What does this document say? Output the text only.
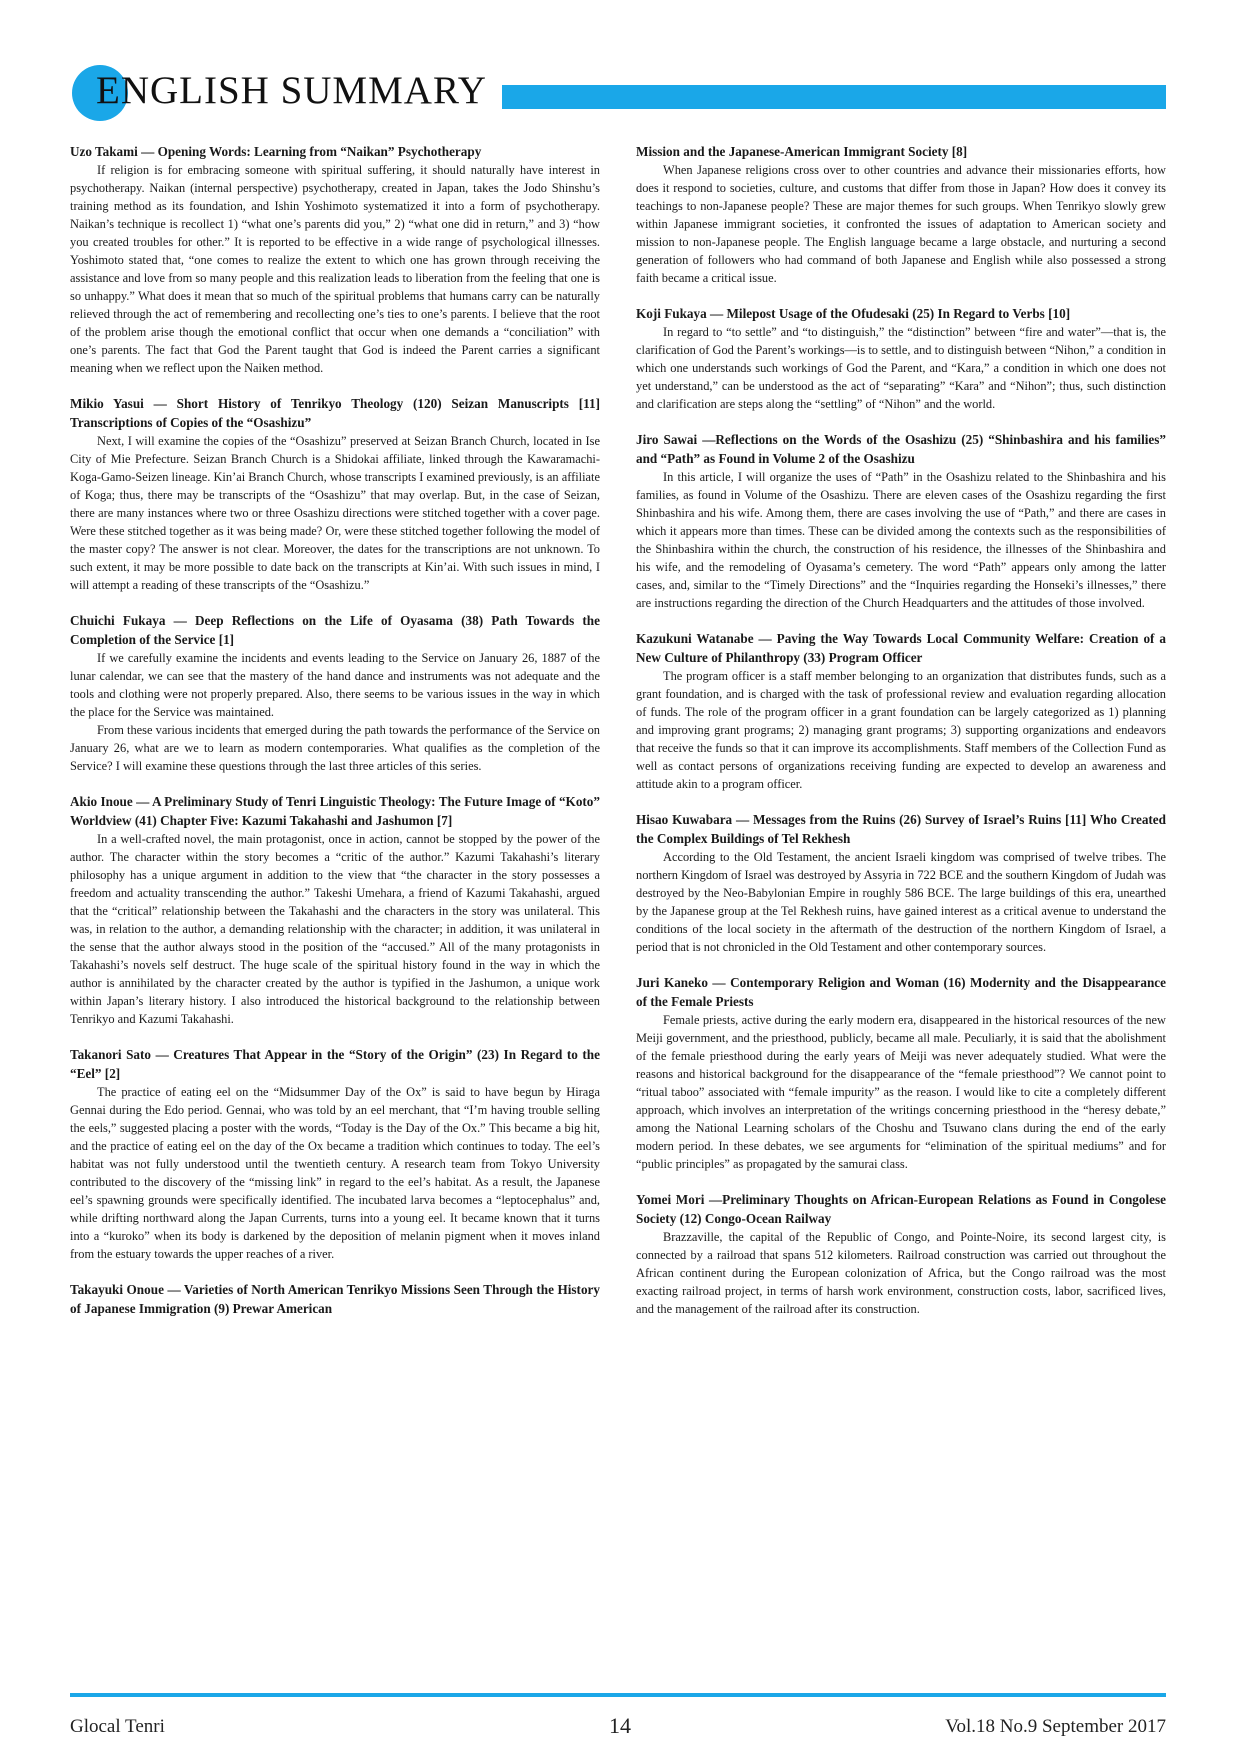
ENGLISH SUMMARY
Uzo Takami — Opening Words: Learning from “Naikan” Psychotherapy

If religion is for embracing someone with spiritual suffering, it should naturally have interest in psychotherapy. Naikan (internal perspective) psychotherapy, created in Japan, takes the Jodo Shinshu’s training method as its foundation, and Ishin Yoshimoto systematized it into a form of psychotherapy. Naikan’s technique is recollect 1) “what one’s parents did you,” 2) “what one did in return,” and 3) “how you created troubles for other.” It is reported to be effective in a wide range of psychological illnesses. Yoshimoto stated that, “one comes to realize the extent to which one has grown through receiving the assistance and love from so many people and this realization leads to liberation from the feeling that one is so unhappy.” What does it mean that so much of the spiritual problems that humans carry can be naturally relieved through the act of remembering and recollecting one’s ties to one’s parents. I believe that the root of the problem arise though the emotional conflict that occur when one demands a “conciliation” with one’s parents. The fact that God the Parent taught that God is indeed the Parent carries a significant meaning when we reflect upon the Naiken method.

Mikio Yasui — Short History of Tenrikyo Theology (120) Seizan Manuscripts [11] Transcriptions of Copies of the “Osashizu”

Next, I will examine the copies of the “Osashizu” preserved at Seizan Branch Church, located in Ise City of Mie Prefecture. Seizan Branch Church is a Shidokai affiliate, linked through the Kawaramachi-Koga-Gamo-Seizen lineage. Kin’ai Branch Church, whose transcripts I examined previously, is an affiliate of Koga; thus, there may be transcripts of the “Osashizu” that may overlap. But, in the case of Seizan, there are many instances where two or three Osashizu directions were stitched together with a cover page. Were these stitched together as it was being made? Or, were these stitched together following the model of the master copy? The answer is not clear. Moreover, the dates for the transcriptions are not unknown. To such extent, it may be more possible to date back on the transcripts at Kin’ai. With such issues in mind, I will attempt a reading of these transcripts of the “Osashizu.”

Chuichi Fukaya — Deep Reflections on the Life of Oyasama (38) Path Towards the Completion of the Service [1]

If we carefully examine the incidents and events leading to the Service on January 26, 1887 of the lunar calendar, we can see that the mastery of the hand dance and instruments was not adequate and the tools and clothing were not properly prepared. Also, there seems to be various issues in the way in which the place for the Service was maintained.

From these various incidents that emerged during the path towards the performance of the Service on January 26, what are we to learn as modern contemporaries. What qualifies as the completion of the Service? I will examine these questions through the last three articles of this series.

Akio Inoue — A Preliminary Study of Tenri Linguistic Theology: The Future Image of “Koto” Worldview (41) Chapter Five: Kazumi Takahashi and Jashumon [7]

In a well-crafted novel, the main protagonist, once in action, cannot be stopped by the power of the author. The character within the story becomes a “critic of the author.” Kazumi Takahashi’s literary philosophy has a unique argument in addition to the view that “the character in the story possesses a freedom and actuality transcending the author.” Takeshi Umehara, a friend of Kazumi Takahashi, argued that the “critical” relationship between the Takahashi and the characters in the story was unilateral. This was, in relation to the author, a demanding relationship with the character; in addition, it was unilateral in the sense that the author always stood in the position of the “accused.” All of the many protagonists in Takahashi’s novels self destruct. The huge scale of the spiritual history found in the way in which the author is annihilated by the character created by the author is typified in the Jashumon, a unique work within Japan’s literary history. I also introduced the historical background to the relationship between Tenrikyo and Kazumi Takahashi.

Takanori Sato — Creatures That Appear in the “Story of the Origin” (23) In Regard to the “Eel” [2]

The practice of eating eel on the “Midsummer Day of the Ox” is said to have begun by Hiraga Gennai during the Edo period. Gennai, who was told by an eel merchant, that “I’m having trouble selling the eels,” suggested placing a poster with the words, “Today is the Day of the Ox.” This became a big hit, and the practice of eating eel on the day of the Ox became a tradition which continues to today. The eel’s habitat was not fully understood until the twentieth century. A research team from Tokyo University contributed to the discovery of the “missing link” in regard to the eel’s habitat. As a result, the Japanese eel’s spawning grounds were specifically identified. The incubated larva becomes a “leptocephalus” and, while drifting northward along the Japan Currents, turns into a young eel. It became known that it turns into a “kuroko” when its body is darkened by the deposition of melanin pigment when it moves inland from the estuary towards the upper reaches of a river.

Takayuki Onoue — Varieties of North American Tenrikyo Missions Seen Through the History of Japanese Immigration (9) Prewar American
Mission and the Japanese-American Immigrant Society [8]

When Japanese religions cross over to other countries and advance their missionaries efforts, how does it respond to societies, culture, and customs that differ from those in Japan? How does it convey its teachings to non-Japanese people? These are major themes for such groups. When Tenrikyo slowly grew within Japanese immigrant societies, it confronted the issues of adaptation to American society and mission to non-Japanese people. The English language became a large obstacle, and nurturing a second generation of followers who had command of both Japanese and English while also possessed a strong faith became a critical issue.

Koji Fukaya — Milepost Usage of the Ofudesaki (25) In Regard to Verbs [10]

In regard to “to settle” and “to distinguish,” the “distinction” between “fire and water”—that is, the clarification of God the Parent’s workings—is to settle, and to distinguish between “Nihon,” a condition in which one understands such workings of God the Parent, and “Kara,” a condition in which one does not yet understand,” can be understood as the act of “separating” “Kara” and “Nihon”; thus, such distinction and clarification are steps along the “settling” of “Nihon” and the world.

Jiro Sawai —Reflections on the Words of the Osashizu (25) “Shinbashira and his families” and “Path” as Found in Volume 2 of the Osashizu

In this article, I will organize the uses of “Path” in the Osashizu related to the Shinbashira and his families, as found in Volume of the Osashizu. There are eleven cases of the Osashizu regarding the first Shinbashira and his wife. Among them, there are cases involving the use of “Path,” and there are cases in which it appears more than times. These can be divided among the contexts such as the responsibilities of the Shinbashira within the church, the construction of his residence, the illnesses of the Shinbashira and his wife, and the remodeling of Oyasama’s cemetery. The word “Path” appears only among the latter cases, and, similar to the “Timely Directions” and the “Inquiries regarding the Honseki’s illnesses,” there are instructions regarding the direction of the Church Headquarters and the attitudes of those involved.

Kazukuni Watanabe — Paving the Way Towards Local Community Welfare: Creation of a New Culture of Philanthropy (33) Program Officer

The program officer is a staff member belonging to an organization that distributes funds, such as a grant foundation, and is charged with the task of professional review and evaluation regarding allocation of funds. The role of the program officer in a grant foundation can be largely categorized as 1) planning and improving grant programs; 2) managing grant programs; 3) supporting organizations and endeavors that receive the funds so that it can improve its accomplishments. Staff members of the Collection Fund as well as contact persons of organizations receiving funding are expected to develop an awareness and attitude akin to a program officer.

Hisao Kuwabara — Messages from the Ruins (26) Survey of Israel’s Ruins [11] Who Created the Complex Buildings of Tel Rekhesh

According to the Old Testament, the ancient Israeli kingdom was comprised of twelve tribes. The northern Kingdom of Israel was destroyed by Assyria in 722 BCE and the southern Kingdom of Judah was destroyed by the Neo-Babylonian Empire in roughly 586 BCE. The large buildings of this era, unearthed by the Japanese group at the Tel Rekhesh ruins, have gained interest as a critical avenue to understand the conditions of the local society in the aftermath of the destruction of the northern Kingdom of Israel, a period that is not chronicled in the Old Testament and other contemporary sources.

Juri Kaneko — Contemporary Religion and Woman (16) Modernity and the Disappearance of the Female Priests

Female priests, active during the early modern era, disappeared in the historical resources of the new Meiji government, and the priesthood, publicly, became all male. Peculiarly, it is said that the abolishment of the female priesthood during the early years of Meiji was never adequately studied. What were the reasons and historical background for the disappearance of the “female priesthood”? We cannot point to “ritual taboo” associated with “female impurity” as the reason. I would like to cite a completely different approach, which involves an interpretation of the writings concerning priesthood in the “heresy debate,” among the National Learning scholars of the Choshu and Tsuwano clans during the end of the early modern period. In these debates, we see arguments for “elimination of the spiritual mediums” and for “public principles” as propagated by the samurai class.

Yomei Mori —Preliminary Thoughts on African-European Relations as Found in Congolese Society (12) Congo-Ocean Railway

Brazzaville, the capital of the Republic of Congo, and Pointe-Noire, its second largest city, is connected by a railroad that spans 512 kilometers. Railroad construction was carried out throughout the African continent during the European colonization of Africa, but the Congo railroad was the most exacting railroad project, in terms of harsh work environment, construction costs, labor, sacrificed lives, and the management of the railroad after its construction.

Glocal Tenri	14	Vol.18 No.9 September 2017
